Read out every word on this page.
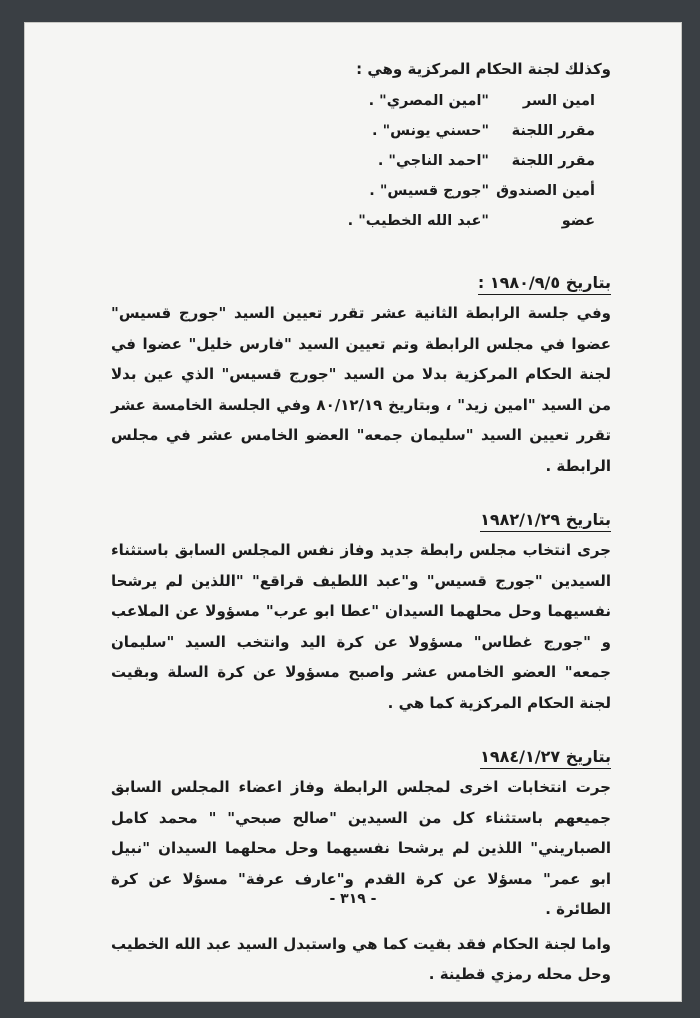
وكذلك لجنة الحكام المركزية وهي :

امين السر
"امين المصري" .
مقرر اللجنة
"حسني يونس" .
مقرر اللجنة
"احمد الناجي" .
أمين الصندوق
"جورج قسيس" .
عضو
"عبد الله الخطيب" .

بتاريخ ١٩٨٠/٩/٥ :

وفي جلسة الرابطة الثانية عشر تقرر تعيين السيد "جورج قسيس" عضوا في مجلس الرابطة وتم تعيين السيد "فارس خليل" عضوا في لجنة الحكام المركزية بدلا من السيد "جورج قسيس" الذي عين بدلا من السيد "امين زيد" ، وبتاريخ ٨٠/١٢/١٩ وفي الجلسة الخامسة عشر تقرر تعيين السيد "سليمان جمعه" العضو الخامس عشر في مجلس الرابطة .

بتاريخ ١٩٨٢/١/٢٩

جرى انتخاب مجلس رابطة جديد وفاز نفس المجلس السابق باستثناء السيدين "جورج قسيس" و"عبد اللطيف قراقع" "اللذين لم يرشحا نفسيهما وحل محلهما السيدان "عطا ابو عرب" مسؤولا عن الملاعب و "جورج غطاس" مسؤولا عن كرة اليد وانتخب السيد "سليمان جمعه" العضو الخامس عشر واصبح مسؤولا عن كرة السلة وبقيت لجنة الحكام المركزية كما هي .

بتاريخ ١٩٨٤/١/٢٧

جرت انتخابات اخرى لمجلس الرابطة وفاز اعضاء المجلس السابق جميعهم باستثناء كل من السيدين "صالح صبحي" " محمد كامل الصباريني" اللذين لم يرشحا نفسيهما وحل محلهما السيدان "نبيل ابو عمر" مسؤلا عن كرة القدم و"عارف عرفة" مسؤلا عن كرة الطائرة .

واما لجنة الحكام فقد بقيت كما هي واستبدل السيد عبد الله الخطيب وحل محله رمزي قطينة .

- ٣١٩ -
